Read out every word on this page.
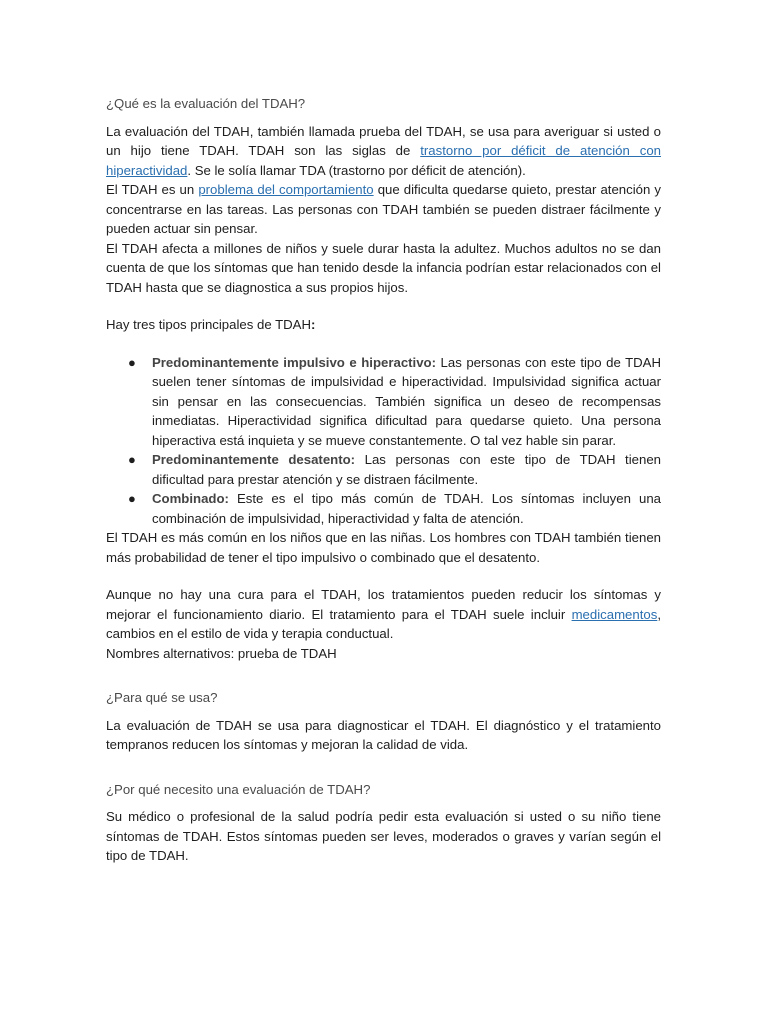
¿Qué es la evaluación del TDAH?

La evaluación del TDAH, también llamada prueba del TDAH, se usa para averiguar si usted o un hijo tiene TDAH. TDAH son las siglas de trastorno por déficit de atención con hiperactividad. Se le solía llamar TDA (trastorno por déficit de atención).

El TDAH es un problema del comportamiento que dificulta quedarse quieto, prestar atención y concentrarse en las tareas. Las personas con TDAH también se pueden distraer fácilmente y pueden actuar sin pensar.

El TDAH afecta a millones de niños y suele durar hasta la adultez. Muchos adultos no se dan cuenta de que los síntomas que han tenido desde la infancia podrían estar relacionados con el TDAH hasta que se diagnostica a sus propios hijos.

Hay tres tipos principales de TDAH:

● Predominantemente impulsivo e hiperactivo: Las personas con este tipo de TDAH suelen tener síntomas de impulsividad e hiperactividad. Impulsividad significa actuar sin pensar en las consecuencias. También significa un deseo de recompensas inmediatas. Hiperactividad significa dificultad para quedarse quieto. Una persona hiperactiva está inquieta y se mueve constantemente. O tal vez hable sin parar.
● Predominantemente desatento: Las personas con este tipo de TDAH tienen dificultad para prestar atención y se distraen fácilmente.
● Combinado: Este es el tipo más común de TDAH. Los síntomas incluyen una combinación de impulsividad, hiperactividad y falta de atención.

El TDAH es más común en los niños que en las niñas. Los hombres con TDAH también tienen más probabilidad de tener el tipo impulsivo o combinado que el desatento.

Aunque no hay una cura para el TDAH, los tratamientos pueden reducir los síntomas y mejorar el funcionamiento diario. El tratamiento para el TDAH suele incluir medicamentos, cambios en el estilo de vida y terapia conductual.

Nombres alternativos: prueba de TDAH

¿Para qué se usa?

La evaluación de TDAH se usa para diagnosticar el TDAH. El diagnóstico y el tratamiento tempranos reducen los síntomas y mejoran la calidad de vida.

¿Por qué necesito una evaluación de TDAH?

Su médico o profesional de la salud podría pedir esta evaluación si usted o su niño tiene síntomas de TDAH. Estos síntomas pueden ser leves, moderados o graves y varían según el tipo de TDAH.
